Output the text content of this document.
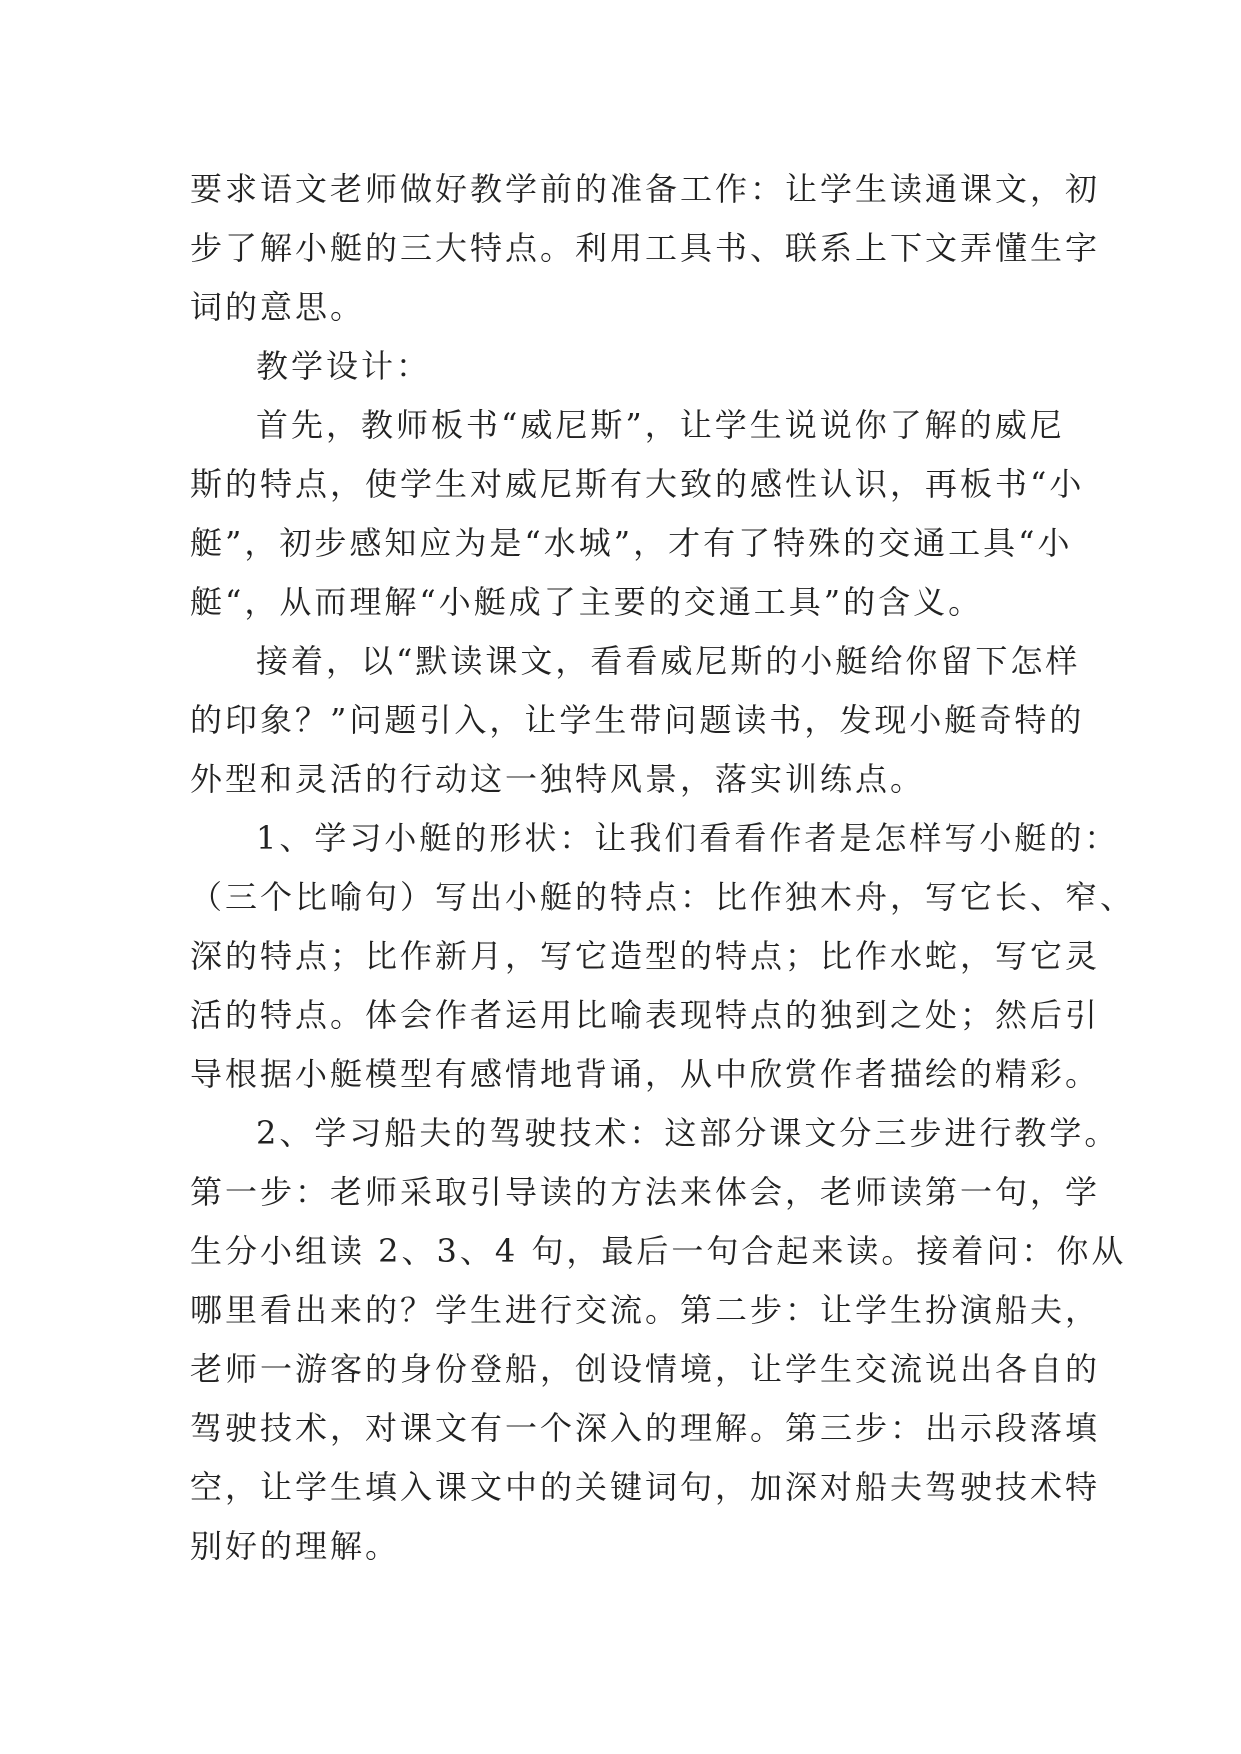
要求语文老师做好教学前的准备工作：让学生读通课文，初
步了解小艇的三大特点。利用工具书、联系上下文弄懂生字
词的意思。
教学设计：
首先，教师板书“威尼斯”，让学生说说你了解的威尼
斯的特点，使学生对威尼斯有大致的感性认识，再板书“小
艇”，初步感知应为是“水城”，才有了特殊的交通工具“小
艇“，从而理解“小艇成了主要的交通工具”的含义。
接着，以“默读课文，看看威尼斯的小艇给你留下怎样
的印象？”问题引入，让学生带问题读书，发现小艇奇特的
外型和灵活的行动这一独特风景，落实训练点。
1、学习小艇的形状：让我们看看作者是怎样写小艇的：
（三个比喻句）写出小艇的特点：比作独木舟，写它长、窄、
深的特点；比作新月，写它造型的特点；比作水蛇，写它灵
活的特点。体会作者运用比喻表现特点的独到之处；然后引
导根据小艇模型有感情地背诵，从中欣赏作者描绘的精彩。
2、学习船夫的驾驶技术：这部分课文分三步进行教学。
第一步：老师采取引导读的方法来体会，老师读第一句，学
生分小组读 2、3、4 句，最后一句合起来读。接着问：你从
哪里看出来的？学生进行交流。第二步：让学生扮演船夫，
老师一游客的身份登船，创设情境，让学生交流说出各自的
驾驶技术，对课文有一个深入的理解。第三步：出示段落填
空，让学生填入课文中的关键词句，加深对船夫驾驶技术特
别好的理解。
